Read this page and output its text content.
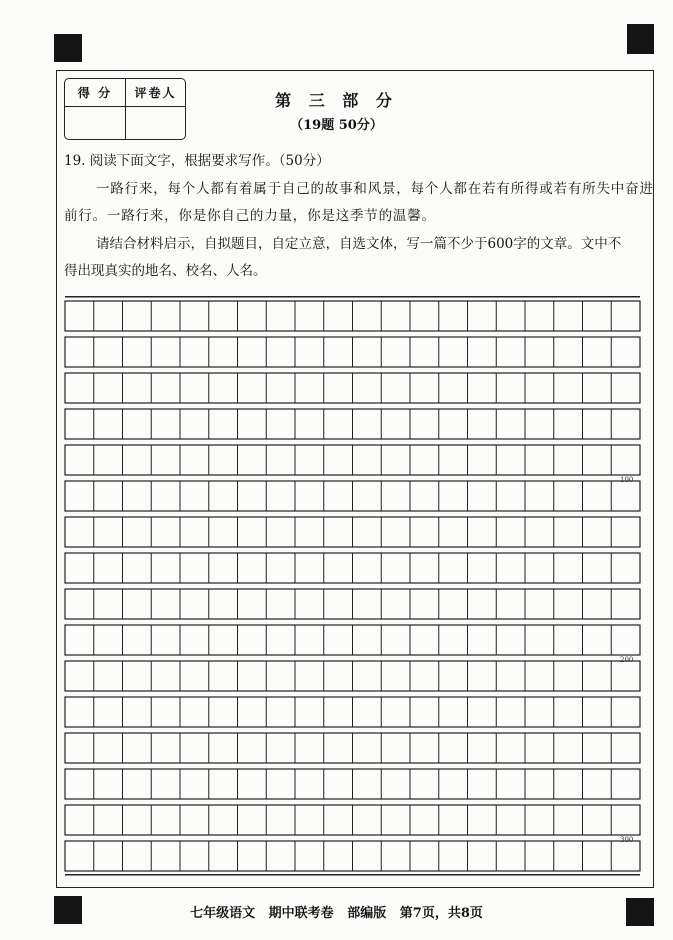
得 分	评卷人	第 三 部 分
（19题 50分）
19. 阅读下面文字，根据要求写作。（50分）
一路行来，每个人都有着属于自己的故事和风景，每个人都在若有所得或若有所失中奋进
前行。一路行来，你是你自己的力量，你是这季节的温馨。
请结合材料启示，自拟题目，自定立意，自选文体，写一篇不少于600字的文章。文中不
得出现真实的地名、校名、人名。
100
200
300
七年级语文   期中联考卷   部编版   第7页，共8页
